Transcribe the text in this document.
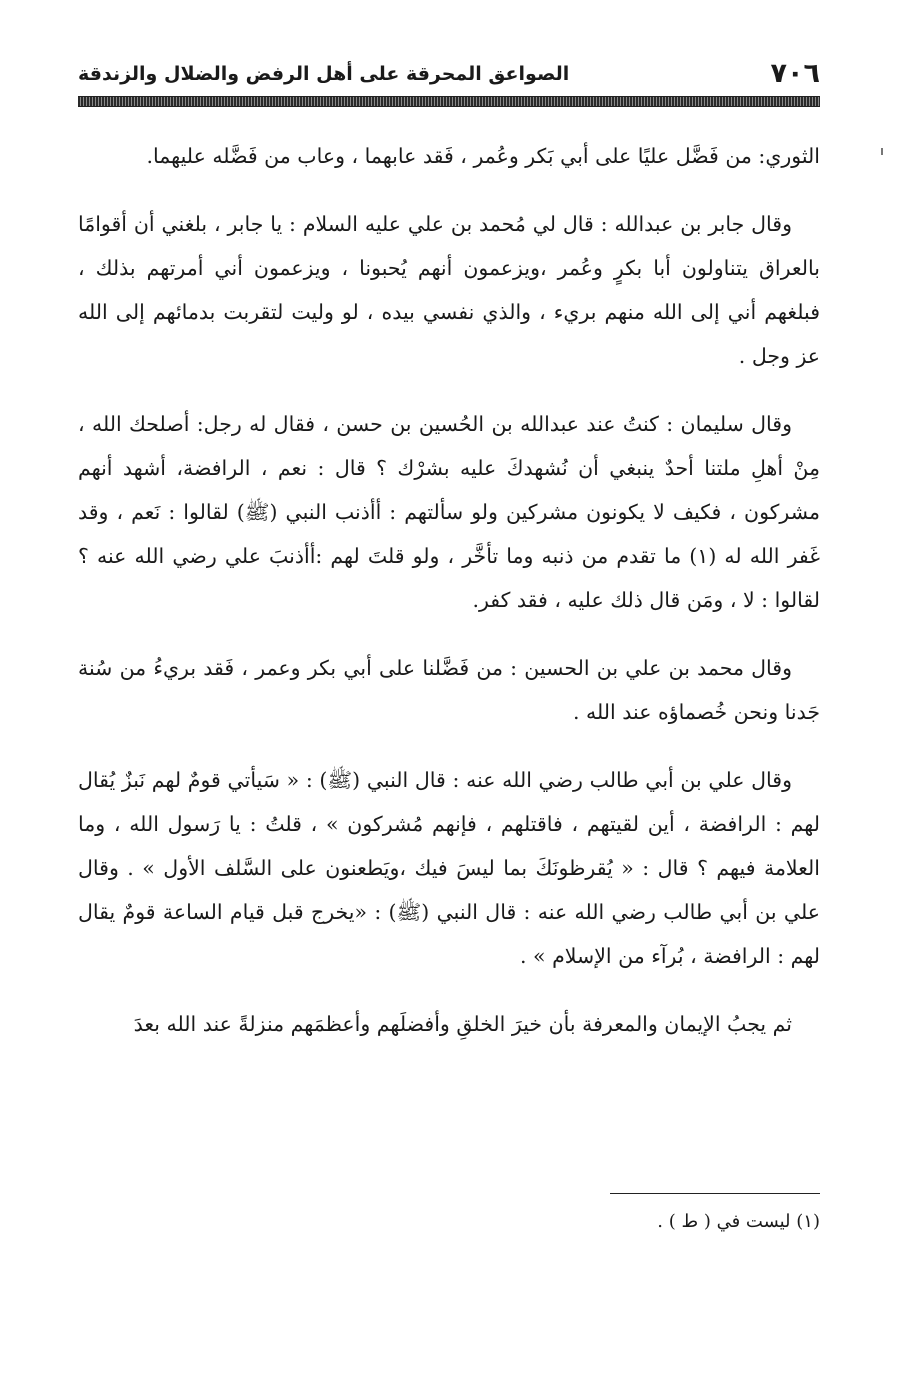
٧٠٦
الصواعق المحرقة على أهل الرفض والضلال والزندقة

الثوري: من فَضَّل عليًا على أبي بَكر وعُمر ، فَقد عابهما ، وعاب من فَضَّله عليهما.

وقال جابر بن عبدالله : قال لي مُحمد بن علي عليه السلام : يا جابر ، بلغني أن أقوامًا بالعراق يتناولون أبا بكرٍ وعُمر ،ويزعمون أنهم يُحبونا ، ويزعمون أني أمرتهم بذلك ، فبلغهم أني إلى الله منهم بريء ، والذي نفسي بيده ، لو وليت لتقربت بدمائهم إلى الله عز وجل .

وقال سليمان : كنتُ عند عبدالله بن الحُسين بن حسن ، فقال له رجل: أصلحك الله ، مِنْ أهلِ ملتنا أحدٌ ينبغي أن نُشهدكَ عليه بشرْك ؟ قال : نعم ، الرافضة، أشهد أنهم مشركون ، فكيف لا يكونون مشركين ولو سألتهم : أأذنب النبي (ﷺ) لقالوا : نَعم ، وقد غَفر الله له (١) ما تقدم من ذنبه وما تأخَّر ، ولو قلتَ لهم :أأذنبَ علي رضي الله عنه ؟ لقالوا : لا ، ومَن قال ذلك عليه ، فقد كفر.

وقال محمد بن علي بن الحسين : من فَضَّلنا على أبي بكر وعمر ، فَقد بريءُ من سُنة جَدنا ونحن خُصماؤه عند الله .

وقال علي بن أبي طالب رضي الله عنه : قال النبي (ﷺ) : « سَيأتي قومٌ لهم نَبزٌ يُقال لهم : الرافضة ، أين لقيتهم ، فاقتلهم ، فإنهم مُشركون » ، قلتُ : يا رَسول الله ، وما العلامة فيهم ؟ قال : « يُقرظونَكَ بما ليسَ فيك ،ويَطعنون على السَّلف الأول » . وقال علي بن أبي طالب رضي الله عنه : قال النبي (ﷺ) : «يخرج قبل قيام الساعة قومٌ يقال لهم : الرافضة ، بُرآء من الإسلام » .

ثم يجبُ الإيمان والمعرفة بأن خيرَ الخلقِ وأفضلَهم وأعظمَهم منزلةً عند الله بعدَ

(١) ليست في ( ط ) .
